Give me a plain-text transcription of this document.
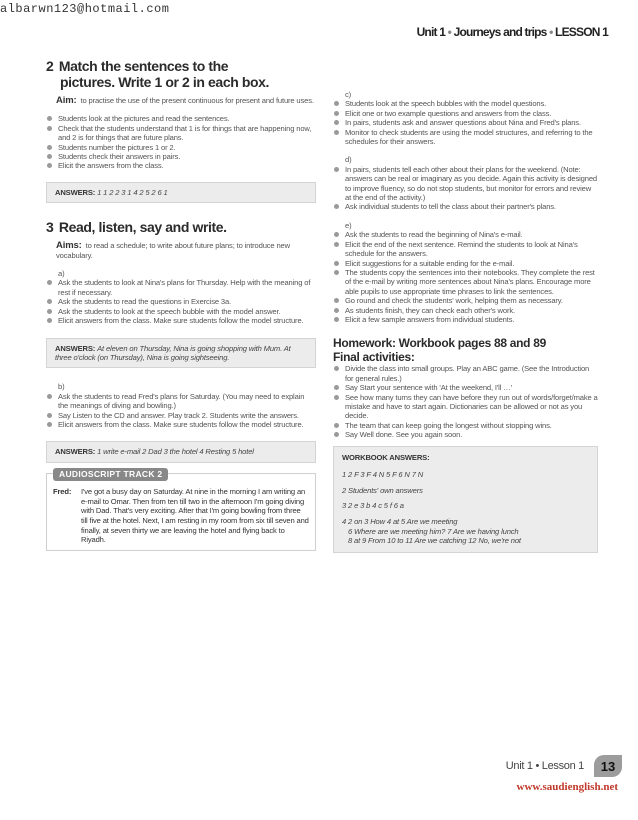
albarwn123@hotmail.com
Unit 1 • Journeys and trips • LESSON 1
2 Match the sentences to the
pictures. Write 1 or 2 in each box.
Aim: to practise the use of the present continuous for present and future uses.
Students look at the pictures and read the sentences.
Check that the students understand that 1 is for things that are happening now, and 2 is for things that are future plans.
Students number the pictures 1 or 2.
Students check their answers in pairs.
Elicit the answers from the class.
ANSWERS: 1 1 2 2 3 1 4 2 5 2 6 1
3 Read, listen, say and write.
Aims: to read a schedule; to write about future plans; to introduce new vocabulary.
a)
Ask the students to look at Nina's plans for Thursday. Help with the meaning of rest if necessary.
Ask the students to read the questions in Exercise 3a.
Ask the students to look at the speech bubble with the model answer.
Elicit answers from the class. Make sure students follow the model structure.
ANSWERS: At eleven on Thursday, Nina is going shopping with Mum. At three o'clock (on Thursday), Nina is going sightseeing.
b)
Ask the students to read Fred's plans for Saturday. (You may need to explain the meanings of diving and bowling.)
Say Listen to the CD and answer. Play track 2. Students write the answers.
Elicit answers from the class. Make sure students follow the model structure.
ANSWERS: 1 write e-mail 2 Dad 3 the hotel 4 Resting 5 hotel
AUDIOSCRIPT TRACK 2
Fred:	I've got a busy day on Saturday. At nine in the morning I am writing an e-mail to Omar. Then from ten till two in the afternoon I'm going diving with Dad. That's very exciting. After that I'm going bowling from three till five at the hotel. Next, I am resting in my room from six till seven and finally, at seven thirty we are leaving the hotel and flying back to Riyadh.
c)
Students look at the speech bubbles with the model questions.
Elicit one or two example questions and answers from the class.
In pairs, students ask and answer questions about Nina and Fred's plans.
Monitor to check students are using the model structures, and referring to the schedules for their answers.
d)
In pairs, students tell each other about their plans for the weekend. (Note: answers can be real or imaginary as you decide. Again this activity is designed to improve fluency, so do not stop students, but monitor for errors and review at the end of the activity.)
Ask individual students to tell the class about their partner's plans.
e)
Ask the students to read the beginning of Nina's e-mail.
Elicit the end of the next sentence. Remind the students to look at Nina's schedule for the answers.
Elicit suggestions for a suitable ending for the e-mail.
The students copy the sentences into their notebooks. They complete the rest of the e-mail by writing more sentences about Nina's plans. Encourage more able pupils to use appropriate time phrases to link the sentences.
Go round and check the students' work, helping them as necessary.
As students finish, they can check each other's work.
Elicit a few sample answers from individual students.
Homework: Workbook pages 88 and 89
Final activities:
Divide the class into small groups. Play an ABC game. (See the Introduction for general rules.)
Say Start your sentence with 'At the weekend, I'll …'
See how many turns they can have before they run out of words/forget/make a mistake and have to start again. Dictionaries can be allowed or not as you decide.
The team that can keep going the longest without stopping wins.
Say Well done. See you again soon.
WORKBOOK ANSWERS:
1 2 F 3 F 4 N 5 F 6 N 7 N
2 Students' own answers
3 2 e 3 b 4 c 5 f 6 a
4 2 on 3 How 4 at 5 Are we meeting
6 Where are we meeting him? 7 Are we having lunch
8 at 9 From 10 to 11 Are we catching 12 No, we're not
Unit 1 • Lesson 1	13
www.saudienglish.net
